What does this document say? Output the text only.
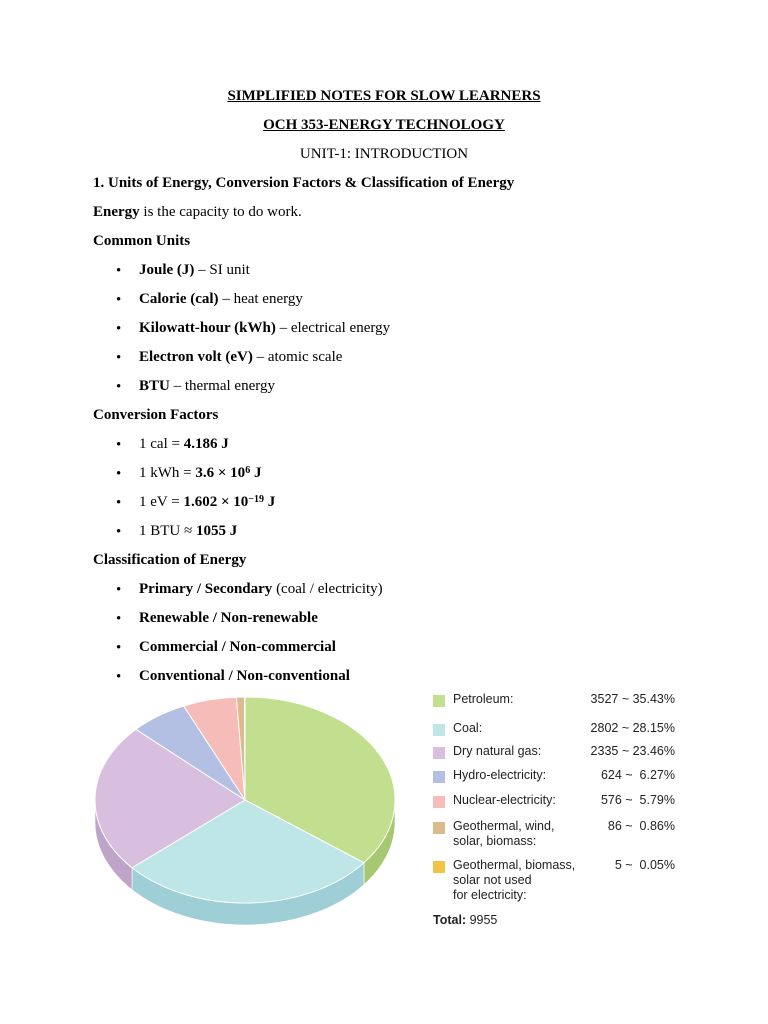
SIMPLIFIED NOTES FOR SLOW LEARNERS
OCH 353-ENERGY TECHNOLOGY
UNIT-1: INTRODUCTION
1. Units of Energy, Conversion Factors & Classification of Energy
Energy is the capacity to do work.
Common Units
• Joule (J) – SI unit
• Calorie (cal) – heat energy
• Kilowatt-hour (kWh) – electrical energy
• Electron volt (eV) – atomic scale
• BTU – thermal energy
Conversion Factors
• 1 cal = 4.186 J
• 1 kWh = $3.6 \times 10^6$ J
• 1 eV = $1.602 \times 10^{-19}$ J
• 1 BTU ≈ 1055 J
Classification of Energy
• Primary / Secondary (coal / electricity)
• Renewable / Non-renewable
• Commercial / Non-commercial
• Conventional / Non-conventional
Petroleum:	3527 ~ 35.43%
Coal:	2802 ~ 28.15%
Dry natural gas:	2335 ~ 23.46%
Hydro-electricity:	624 ~  6.27%
Nuclear-electricity:	576 ~  5.79%
Geothermal, wind,
solar, biomass:
86 ~  0.86%
Geothermal, biomass,
solar not used
for electricity:
5 ~  0.05%
Total: 9955
